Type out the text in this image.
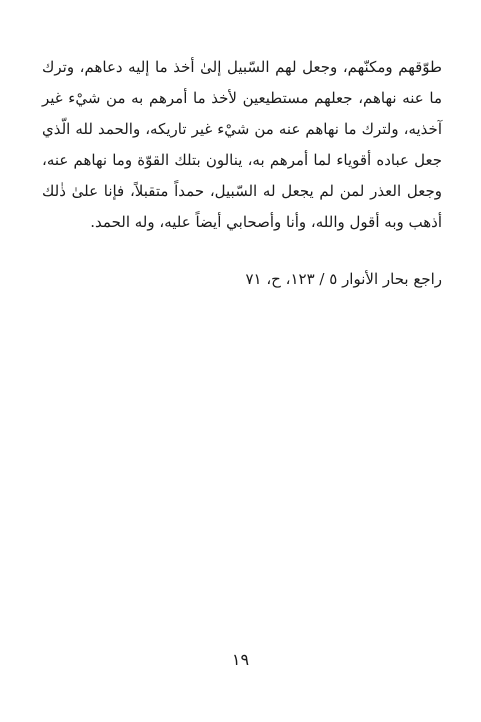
طوّقهم ومكنّهم، وجعل لهم السّبيل إلىٰ أخذ ما إليه دعاهم، وترك
ما عنه نهاهم، جعلهم مستطيعين لأخذ ما أمرهم به من شيْء غير
آخذيه، ولترك ما نهاهم عنه من شيْء غير تاريكه، والحمد لله الّذي
جعل عباده أقوياء لما أمرهم به، ينالون بتلك القوّة وما نهاهم عنه،
وجعل العذر لمن لم يجعل له السّبيل، حمداً متقبلاً، فإنا علىٰ ذٰلك
أذهب وبه أقول والله، وأنا وأصحابي أيضاً عليه، وله الحمد.
راجع بحار الأنوار ٥ / ١٢٣، ح، ٧١
١٩
